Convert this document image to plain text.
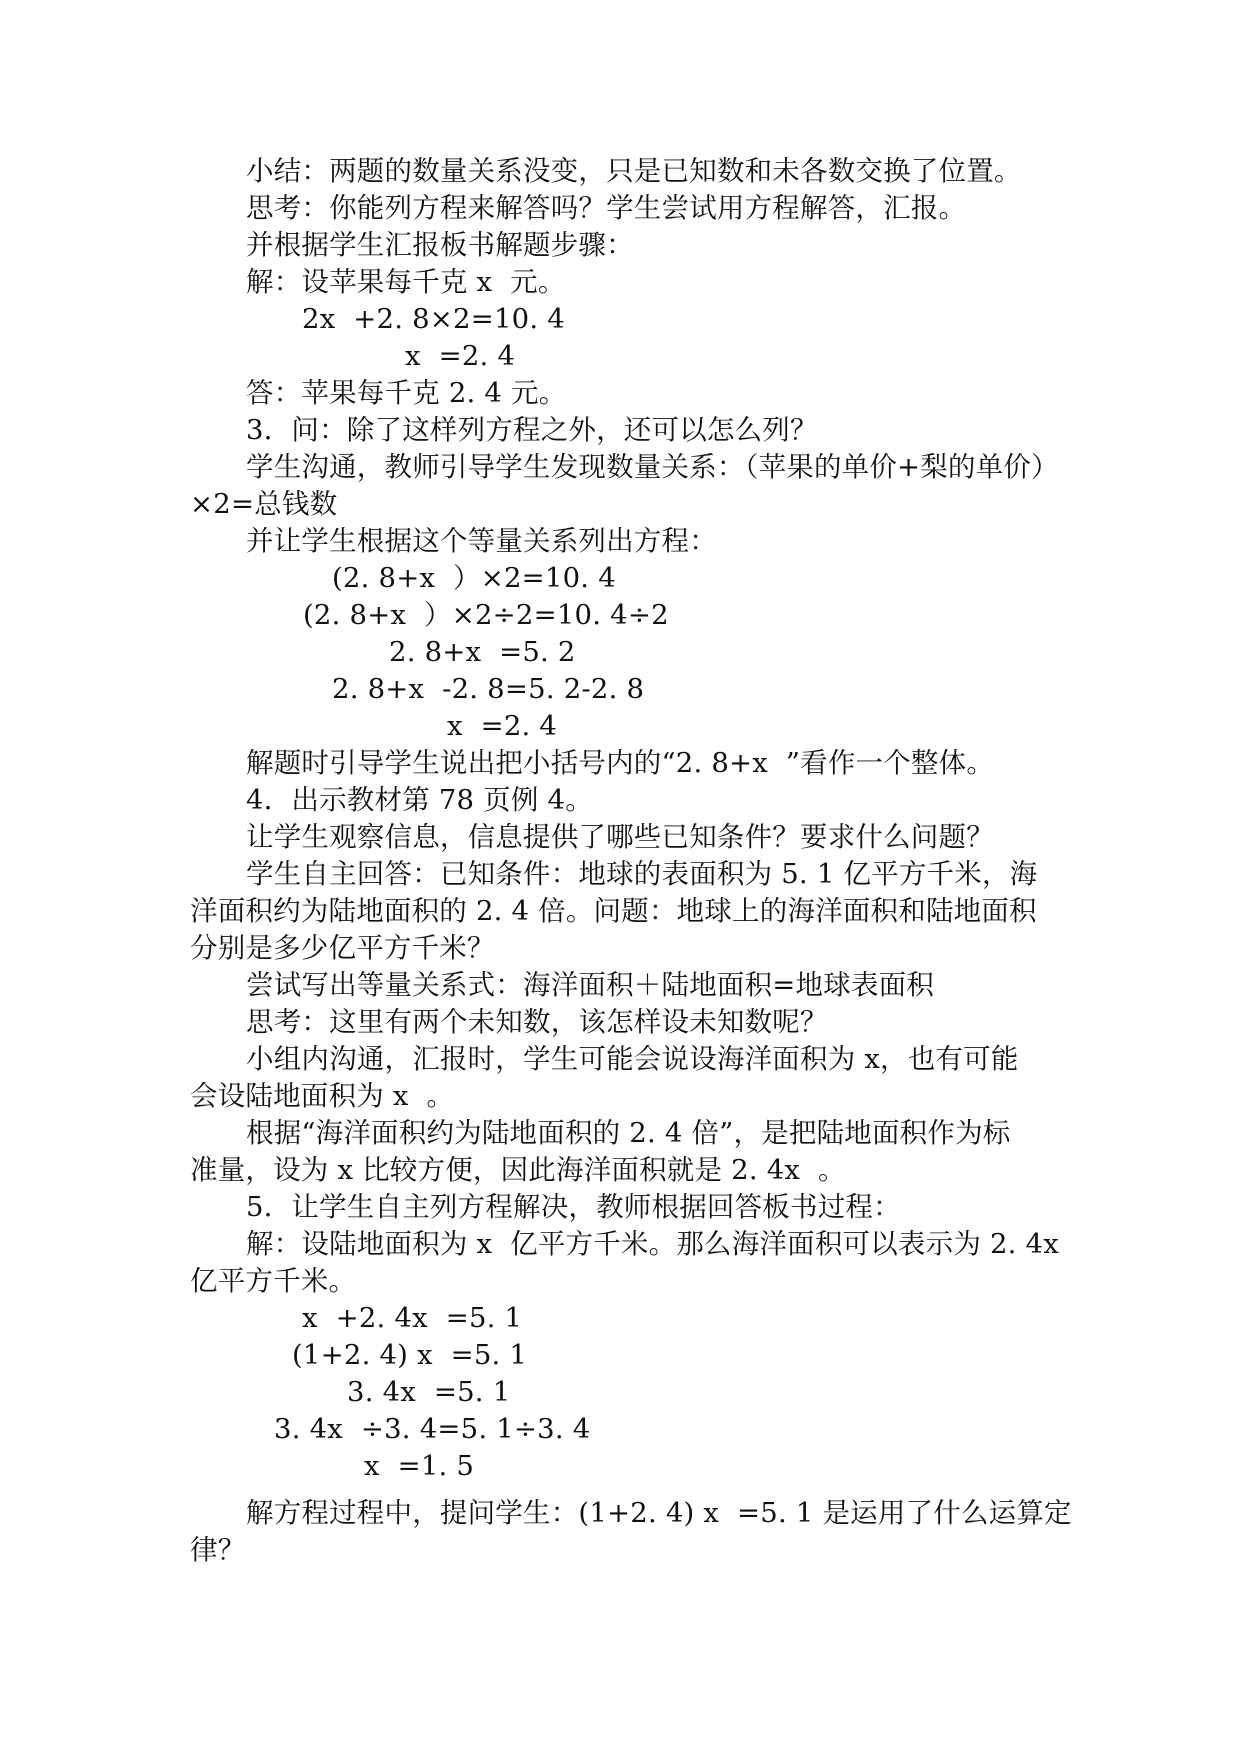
小结：两题的数量关系没变，只是已知数和未各数交换了位置。
思考：你能列方程来解答吗？学生尝试用方程解答，汇报。
并根据学生汇报板书解题步骤：
解：设苹果每千克 x  元。
2x  +2. 8×2=10. 4
x  =2. 4
答：苹果每千克 2. 4 元。
3．问：除了这样列方程之外，还可以怎么列？
学生沟通，教师引导学生发现数量关系：（苹果的单价+梨的单价）
×2=总钱数
并让学生根据这个等量关系列出方程：
(2. 8+x  ）×2=10. 4
(2. 8+x  ）×2÷2=10. 4÷2
2. 8+x  =5. 2
2. 8+x  -2. 8=5. 2-2. 8
x  =2. 4
解题时引导学生说出把小括号内的“2. 8+x  ”看作一个整体。
4．出示教材第 78 页例 4。
让学生观察信息，信息提供了哪些已知条件？要求什么问题？
学生自主回答：已知条件：地球的表面积为 5. 1 亿平方千米，海
洋面积约为陆地面积的 2. 4 倍。问题：地球上的海洋面积和陆地面积
分别是多少亿平方千米？
尝试写出等量关系式：海洋面积＋陆地面积=地球表面积
思考：这里有两个未知数，该怎样设未知数呢？
小组内沟通，汇报时，学生可能会说设海洋面积为 x，也有可能
会设陆地面积为 x  。
根据“海洋面积约为陆地面积的 2. 4 倍”，是把陆地面积作为标
准量，设为 x 比较方便，因此海洋面积就是 2. 4x  。
5．让学生自主列方程解决，教师根据回答板书过程：
解：设陆地面积为 x  亿平方千米。那么海洋面积可以表示为 2. 4x
亿平方千米。
x  +2. 4x  =5. 1
(1+2. 4) x  =5. 1
3. 4x  =5. 1
3. 4x  ÷3. 4=5. 1÷3. 4
x  =1. 5
解方程过程中，提问学生：(1+2. 4) x  =5. 1 是运用了什么运算定
律？
